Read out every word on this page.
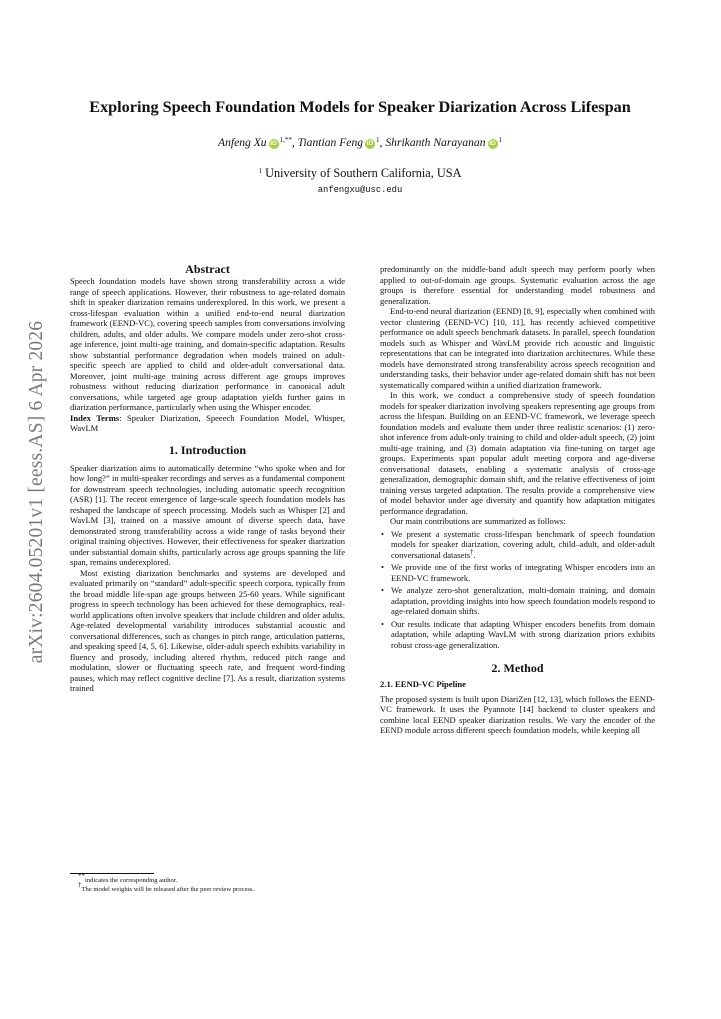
arXiv:2604.05201v1 [eess.AS] 6 Apr 2026
Exploring Speech Foundation Models for Speaker Diarization Across Lifespan
Anfeng Xu iD $^{1,**}$, Tiantian Feng iD $^1$, Shrikanth Narayanan iD $^1$
$^1$ University of Southern California, USA
anfengxu@usc.edu
Abstract

Speech foundation models have shown strong transferability across a wide range of speech applications. However, their robustness to age-related domain shift in speaker diarization remains underexplored. In this work, we present a cross-lifespan evaluation within a unified end-to-end neural diarization framework (EEND-VC), covering speech samples from conversations involving children, adults, and older adults. We compare models under zero-shot cross-age inference, joint multi-age training, and domain-specific adaptation. Results show substantial performance degradation when models trained on adult-specific speech are applied to child and older-adult conversational data. Moreover, joint multi-age training across different age groups improves robustness without reducing diarization performance in canonical adult conversations, while targeted age group adaptation yields further gains in diarization performance, particularly when using the Whisper encoder.

Index Terms: Speaker Diarization, Speeech Foundation Model, Whisper, WavLM

1. Introduction

Speaker diarization aims to automatically determine “who spoke when and for how long?” in multi-speaker recordings and serves as a fundamental component for downstream speech technologies, including automatic speech recognition (ASR) [1]. The recent emergence of large-scale speech foundation models has reshaped the landscape of speech processing. Models such as Whisper [2] and WavLM [3], trained on a massive amount of diverse speech data, have demonstrated strong transferability across a wide range of tasks beyond their original training objectives. However, their effectiveness for speaker diarization under substantial domain shifts, particularly across age groups spanning the life span, remains underexplored.

Most existing diarization benchmarks and systems are developed and evaluated primarily on “standard” adult-specific speech corpora, typically from the broad middle life-span age groups between 25-60 years. While significant progress in speech technology has been achieved for these demographics, real-world applications often involve speakers that include children and older adults. Age-related developmental variability introduces substantial acoustic and conversational differences, such as changes in pitch range, articulation patterns, and speaking speed [4, 5, 6]. Likewise, older-adult speech exhibits variability in fluency and prosody, including altered rhythm, reduced pitch range and modulation, slower or fluctuating speech rate, and frequent word-finding pauses, which may reflect cognitive decline [7]. As a result, diarization systems trained

**indicates the corresponding author.
†The model weights will be released after the peer review process.

predominantly on the middle-band adult speech may perform poorly when applied to out-of-domain age groups. Systematic evaluation across the age groups is therefore essential for understanding model robustness and generalization.

End-to-end neural diarization (EEND) [8, 9], especially when combined with vector clustering (EEND-VC) [10, 11], has recently achieved competitive performance on adult speech benchmark datasets. In parallel, speech foundation models such as Whisper and WavLM provide rich acoustic and linguistic representations that can be integrated into diarization architectures. While these models have demonstrated strong transferability across speech recognition and understanding tasks, their behavior under age-related domain shift has not been systematically compared within a unified diarization framework.

In this work, we conduct a comprehensive study of speech foundation models for speaker diarization involving speakers representing age groups from across the lifespan. Building on an EEND-VC framework, we leverage speech foundation models and evaluate them under three realistic scenarios: (1) zero-shot inference from adult-only training to child and older-adult speech, (2) joint multi-age training, and (3) domain adaptation via fine-tuning on target age groups. Experiments span popular adult meeting corpora and age-diverse conversational datasets, enabling a systematic analysis of cross-age generalization, demographic domain shift, and the relative effectiveness of joint training versus targeted adaptation. The results provide a comprehensive view of model behavior under age diversity and quantify how adaptation mitigates performance degradation.

Our main contributions are summarized as follows:

• We present a systematic cross-lifespan benchmark of speech foundation models for speaker diarization, covering adult, child–adult, and older-adult conversational datasets†.
• We provide one of the first works of integrating Whisper encoders into an EEND-VC framework.
• We analyze zero-shot generalization, multi-domain training, and domain adaptation, providing insights into how speech foundation models respond to age-related domain shifts.
• Our results indicate that adapting Whisper encoders benefits from domain adaptation, while adapting WavLM with strong diarization priors exhibits robust cross-age generalization.
2. Method
2.1. EEND-VC Pipeline

The proposed system is built upon DiariZen [12, 13], which follows the EEND-VC framework. It uses the Pyannote [14] backend to cluster speakers and combine local EEND speaker diarization results. We vary the encoder of the EEND module across different speech foundation models, while keeping all
